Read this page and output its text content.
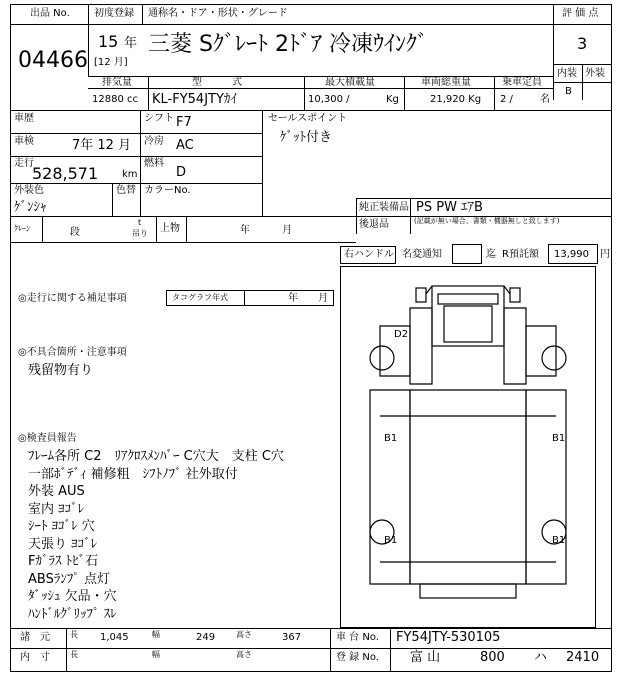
出品 No.
04466
初度登録 通称名・ドア・形状・グレード
15 年
[12 月]
三菱 Sｸﾞﾚｰﾄ 2ﾄﾞｱ 冷凍ｳｲﾝｸﾞ
評 価 点
3
内装 外装
B
排気量	型　　　式	最大積載量	車両総重量	乗車定員
12880 cc KL-FY54JTYｶｲ	10,300 /	Kg	21,920 Kg 2 /	名
車歴
車検	7年 12 月
走行
528,571 km
シフト F7
冷房 AC
燃料
D
外装色
ｹﾞﾝｼｬ
色替 カラーNo.
セールスポイント
ｹﾞｯﾄ付き
純正装備品 PS PW ｴｱB
後退品	(記載が無い場合、書類・機器無しと致します)
ｸﾚｰﾝ	段
t
吊り 上物	年	月
右ハンドル 名変通知	迄 R預託額 13,990 円
◎走行に関する補足事項	タコグラフ年式	年 月
◎不具合箇所・注意事項
残留物有り
◎検査員報告
ﾌﾚｰﾑ各所 C2　ﾘｱｸﾛｽﾒﾝﾊﾞｰ C穴大　支柱 C穴
一部ﾎﾞﾃﾞｨ 補修粗　ｼﾌﾄﾉﾌﾞ 社外取付
外装 AUS
室内 ﾖｺﾞﾚ
ｼｰﾄ ﾖｺﾞﾚ 穴
天張り ﾖｺﾞﾚ
Fｶﾞﾗｽ ﾄﾋﾞ石
ABSﾗﾝﾌﾟ 点灯
ﾀﾞｯｼｭ 欠品・穴
ﾊﾝﾄﾞﾙｸﾞﾘｯﾌﾟ ｽﾚ
D2
B1	B1
B1	B1
諸　元	長 1,045	幅	249	高さ	367
内　寸	長	幅	高さ
車 台 No. FY54JTY-530105
登 録 No. 富 山	800 ハ 2410
